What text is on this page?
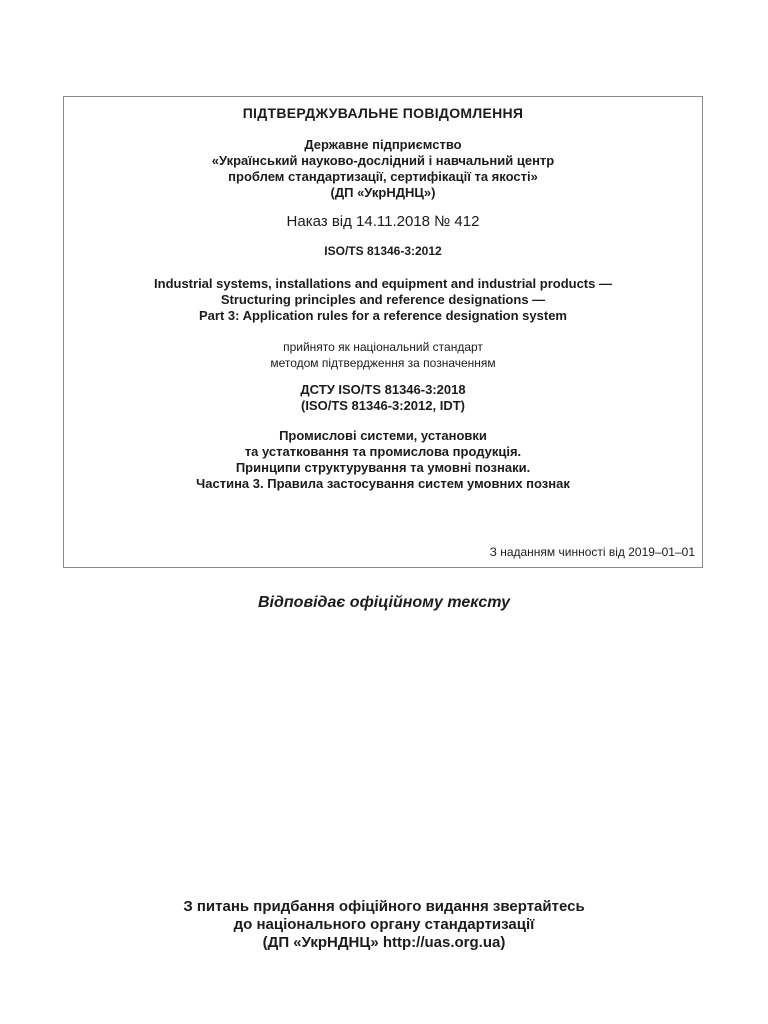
ПІДТВЕРДЖУВАЛЬНЕ ПОВІДОМЛЕННЯ
Державне підприємство
«Український науково-дослідний і навчальний центр
проблем стандартизації, сертифікації та якості»
(ДП «УкрНДНЦ»)
Наказ від 14.11.2018 № 412
ISO/TS 81346-3:2012
Industrial systems, installations and equipment and industrial products —
Structuring principles and reference designations —
Part 3: Application rules for a reference designation system
прийнято як національний стандарт
методом підтвердження за позначенням
ДСТУ ISO/TS 81346-3:2018
(ISO/TS 81346-3:2012, IDT)
Промислові системи, установки
та устатковання та промислова продукція.
Принципи структурування та умовні познаки.
Частина 3. Правила застосування систем умовних познак
З наданням чинності від 2019–01–01
Відповідає офіційному тексту
З питань придбання офіційного видання звертайтесь
до національного органу стандартизації
(ДП «УкрНДНЦ» http://uas.org.ua)
